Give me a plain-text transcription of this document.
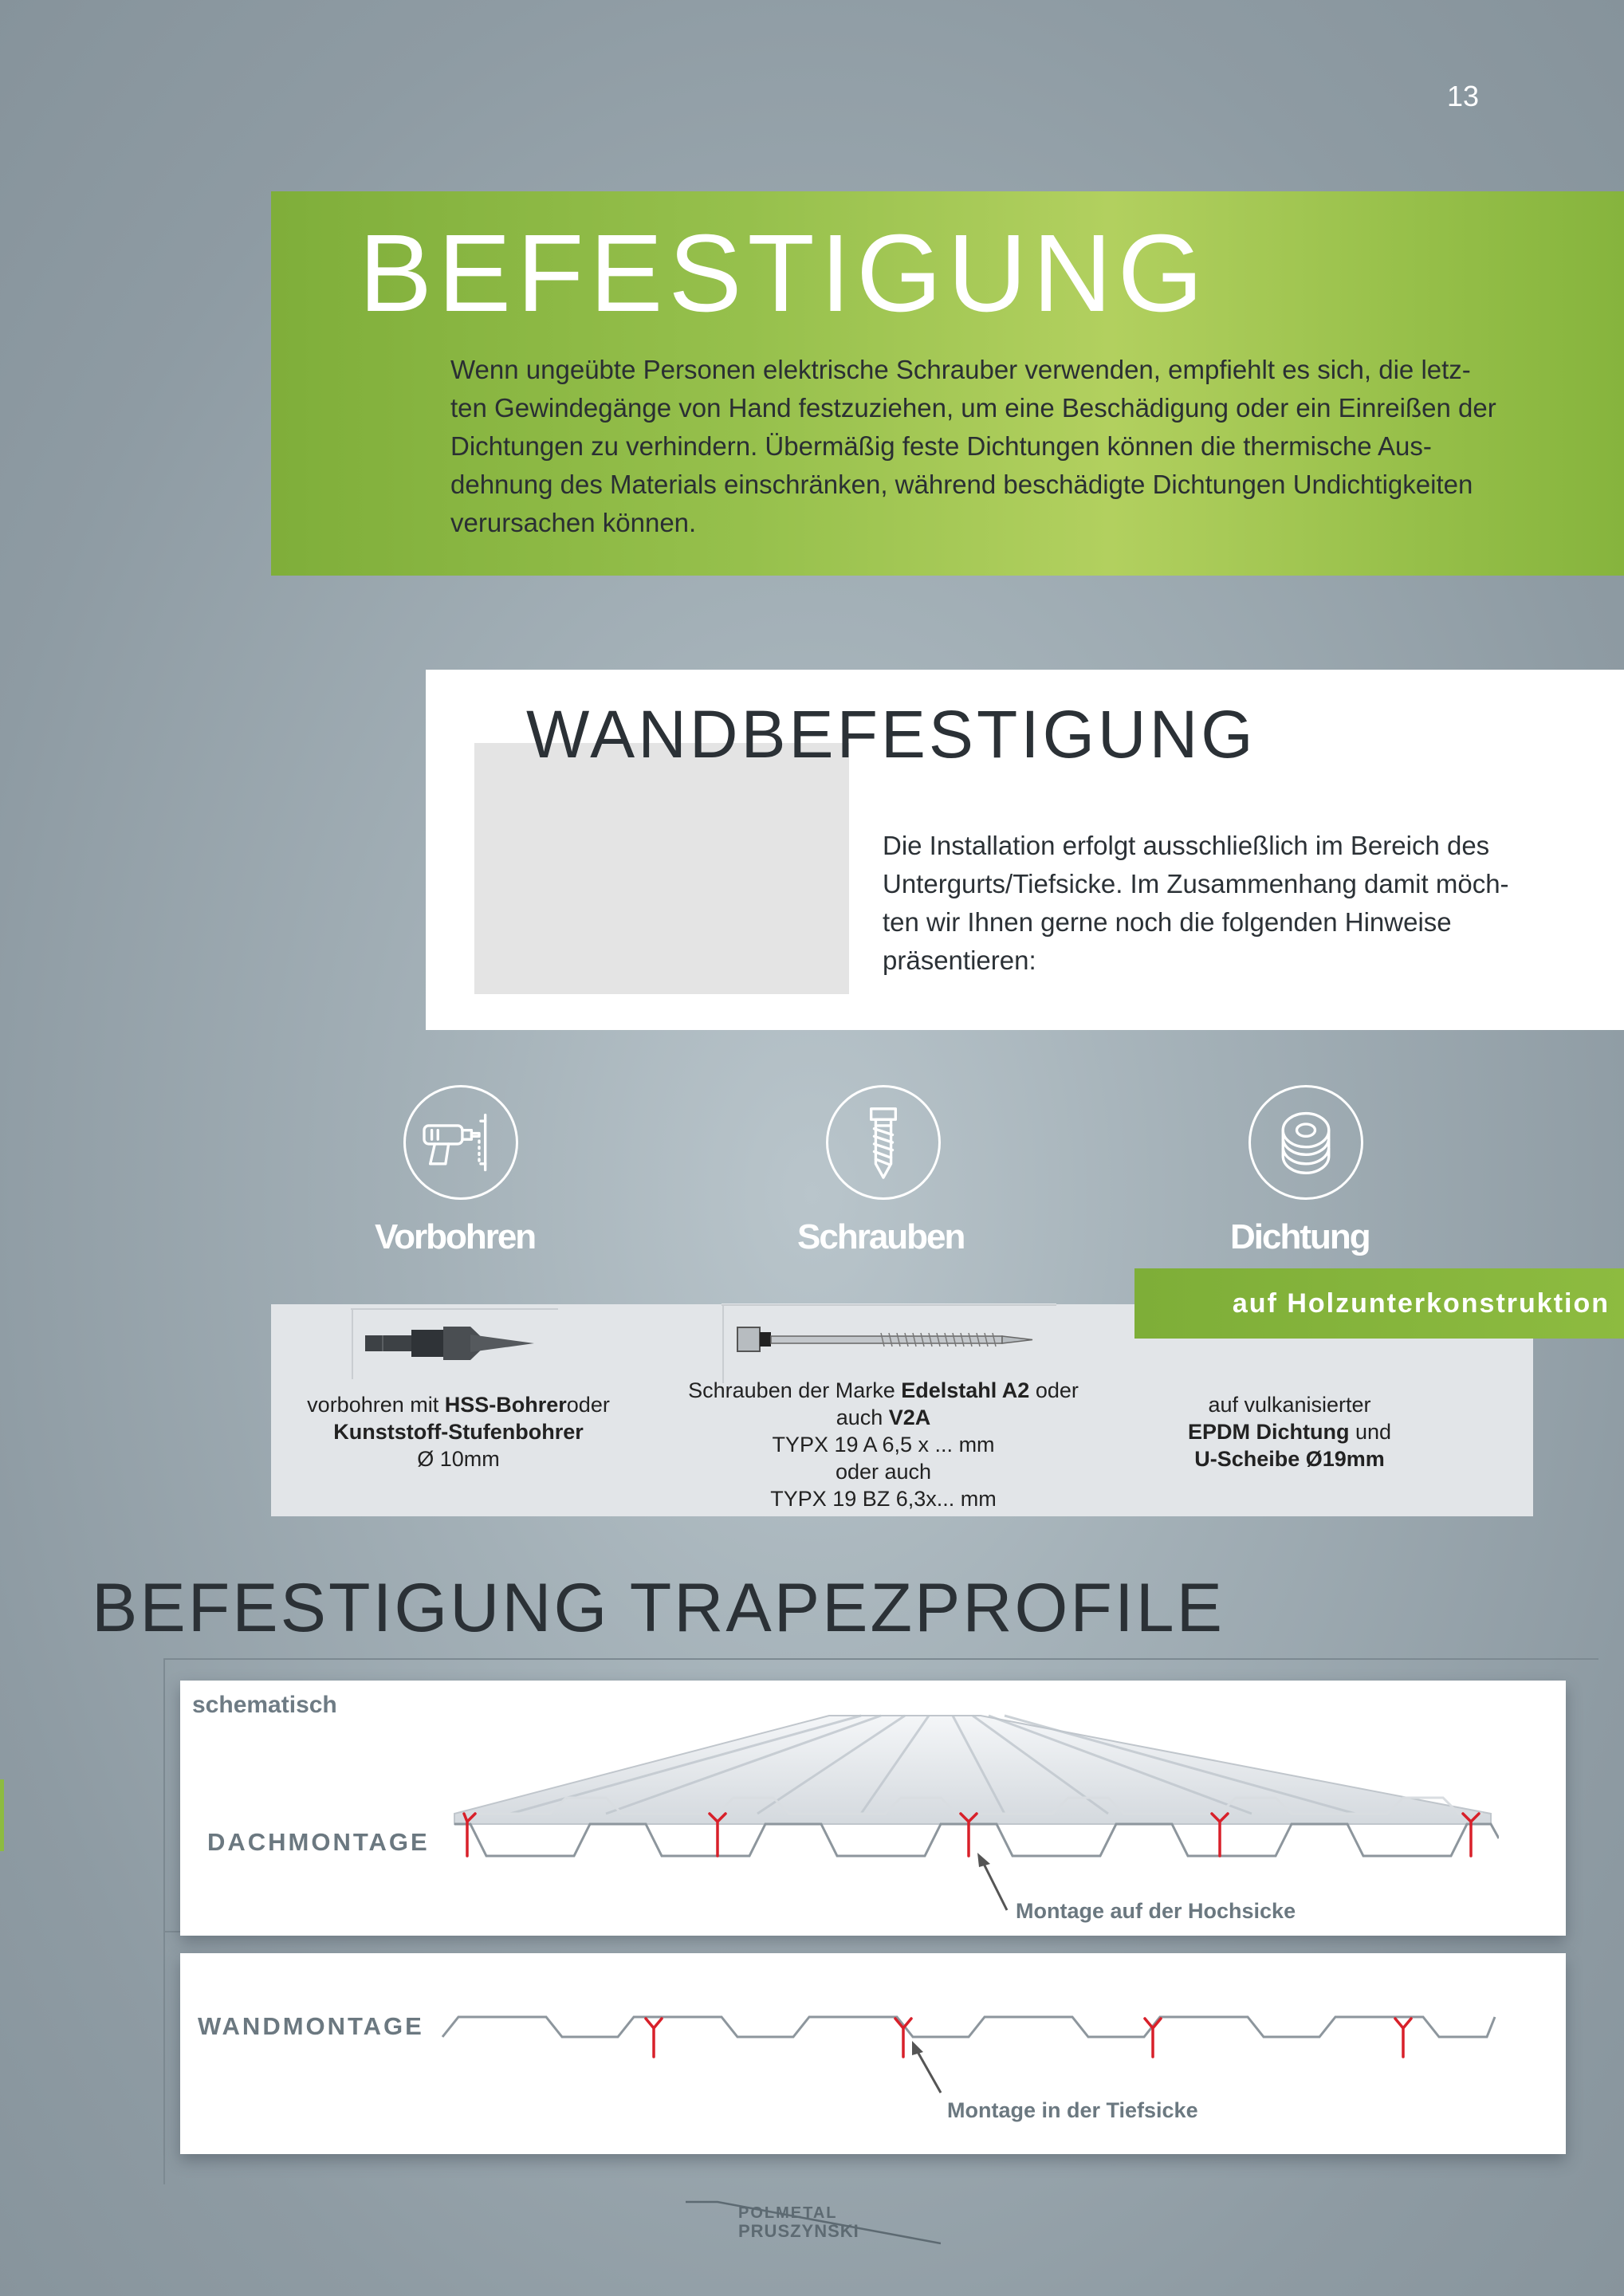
13
BEFESTIGUNG
Wenn ungeübte Personen elektrische Schrauber verwenden, empfiehlt es sich, die letz-
ten Gewindegänge von Hand festzuziehen, um eine Beschädigung oder ein Einreißen der
Dichtungen zu verhindern. Übermäßig feste Dichtungen können die thermische Aus-
dehnung des Materials einschränken, während beschädigte Dichtungen Undichtigkeiten
verursachen können.
WANDBEFESTIGUNG
Die Installation erfolgt ausschließlich im Bereich des
Untergurts/Tiefsicke. Im Zusammenhang damit möch-
ten wir Ihnen gerne noch die folgenden Hinweise
präsentieren:
Vorbohren	Schrauben	Dichtung
auf Holzunterkonstruktion
vorbohren mit HSS-Bohreroder
Kunststoff-Stufenbohrer
Ø 10mm
Schrauben der Marke Edelstahl A2 oder
auch V2A
TYPX 19 A 6,5 x ... mm
oder auch
TYPX 19 BZ 6,3x... mm
auf vulkanisierter
EPDM Dichtung und
U-Scheibe Ø19mm
BEFESTIGUNG TRAPEZPROFILE
schematisch
DACHMONTAGE
Montage auf der Hochsicke
WANDMONTAGE
Montage in der Tiefsicke
POLMETAL
PRUSZYNSKI
